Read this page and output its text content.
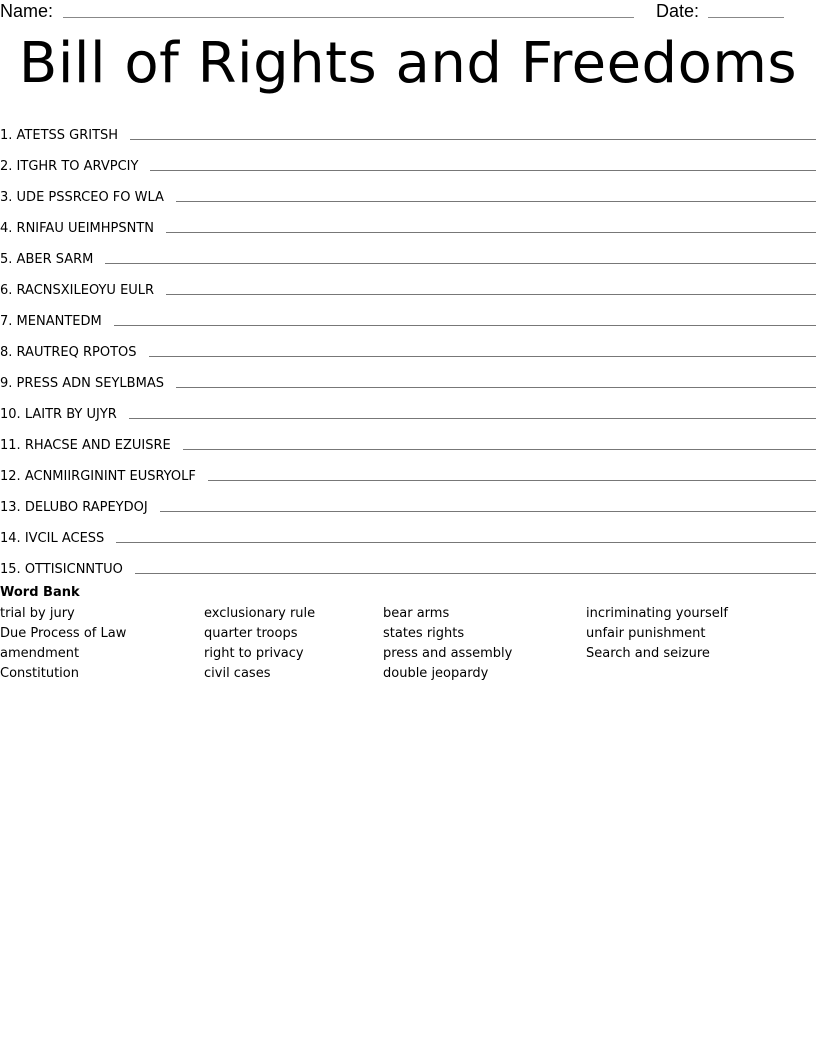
Name:	Date:
Bill of Rights and Freedoms
1.
ATETSS GRITSH
2.
ITGHR TO ARVPCIY
3.
UDE PSSRCEO FO WLA
4.
RNIFAU UEIMHPSNTN
5.
ABER SARM
6.
RACNSXILEOYU EULR
7.
MENANTEDM
8.
RAUTREQ RPOTOS
9.
PRESS ADN SEYLBMAS
10.
LAITR BY UJYR
11.
RHACSE AND EZUISRE
12.
ACNMIIRGININT EUSRYOLF
13.
DELUBO RAPEYDOJ
14.
IVCIL ACESS
15.
OTTISICNNTUO
Word Bank
trial by jury
Due Process of Law
amendment
Constitution
exclusionary rule
quarter troops
right to privacy
civil cases
bear arms
states rights
press and assembly
double jeopardy
incriminating yourself
unfair punishment
Search and seizure
